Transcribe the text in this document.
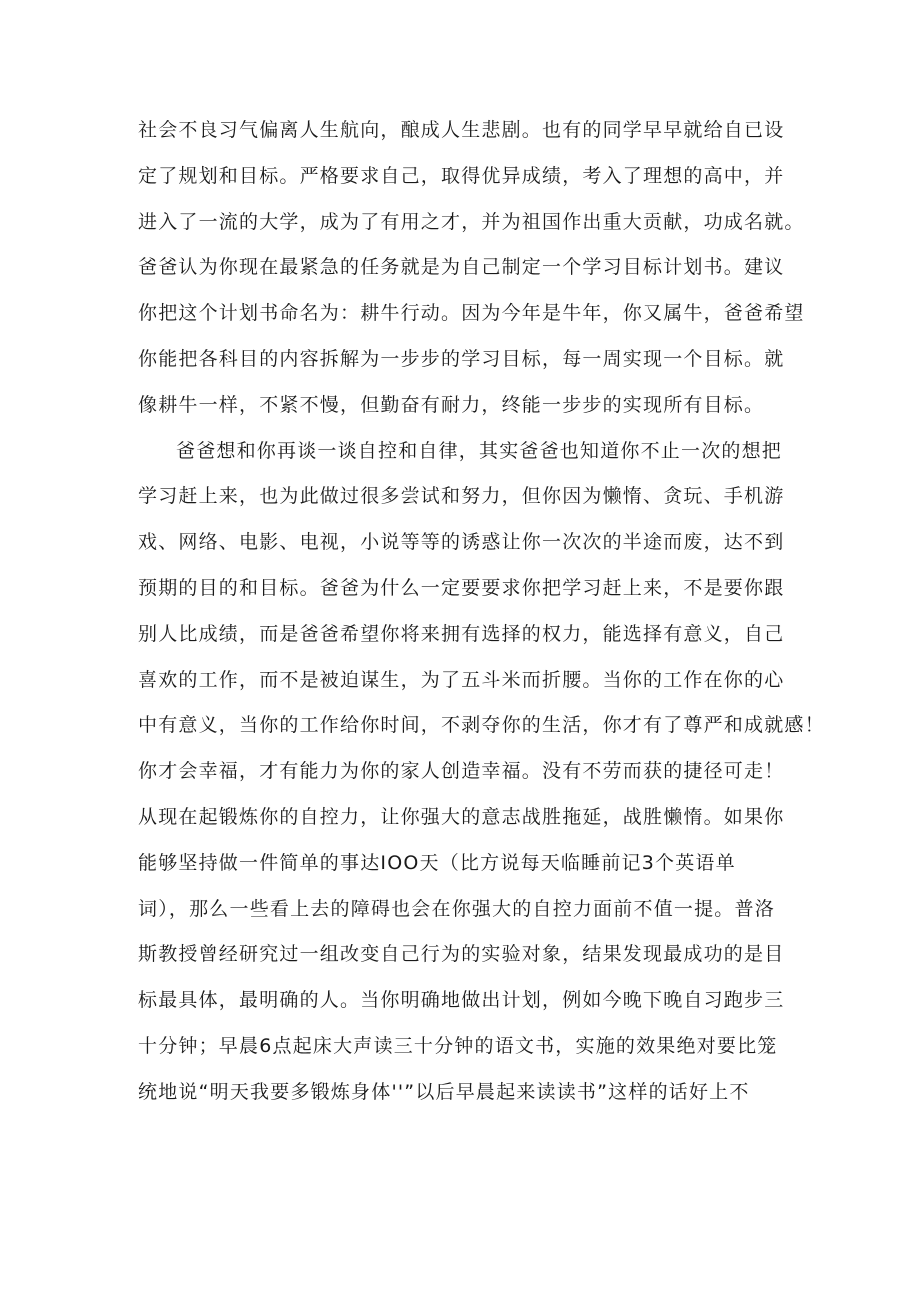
社会不良习气偏离人生航向，酿成人生悲剧。也有的同学早早就给自已设
定了规划和目标。严格要求自己，取得优异成绩，考入了理想的高中，并
进入了一流的大学，成为了有用之才，并为祖国作出重大贡献，功成名就。
爸爸认为你现在最紧急的任务就是为自己制定一个学习目标计划书。建议
你把这个计划书命名为：耕牛行动。因为今年是牛年，你又属牛，爸爸希望
你能把各科目的内容拆解为一步步的学习目标，每一周实现一个目标。就
像耕牛一样，不紧不慢，但勤奋有耐力，终能一步步的实现所有目标。
爸爸想和你再谈一谈自控和自律，其实爸爸也知道你不止一次的想把
学习赶上来，也为此做过很多尝试和努力，但你因为懒惰、贪玩、手机游
戏、网络、电影、电视，小说等等的诱惑让你一次次的半途而废，达不到
预期的目的和目标。爸爸为什么一定要要求你把学习赶上来，不是要你跟
别人比成绩，而是爸爸希望你将来拥有选择的权力，能选择有意义，自己
喜欢的工作，而不是被迫谋生，为了五斗米而折腰。当你的工作在你的心
中有意义，当你的工作给你时间，不剥夺你的生活，你才有了尊严和成就感！
你才会幸福，才有能力为你的家人创造幸福。没有不劳而获的捷径可走！
从现在起锻炼你的自控力，让你强大的意志战胜拖延，战胜懒惰。如果你
能够坚持做一件简单的事达IOO天（比方说每天临睡前记3个英语单
词），那么一些看上去的障碍也会在你强大的自控力面前不值一提。普洛
斯教授曾经研究过一组改变自己行为的实验对象，结果发现最成功的是目
标最具体，最明确的人。当你明确地做出计划，例如今晚下晚自习跑步三
十分钟；早晨6点起床大声读三十分钟的语文书，实施的效果绝对要比笼
统地说“明天我要多锻炼身体''”以后早晨起来读读书”这样的话好上不
